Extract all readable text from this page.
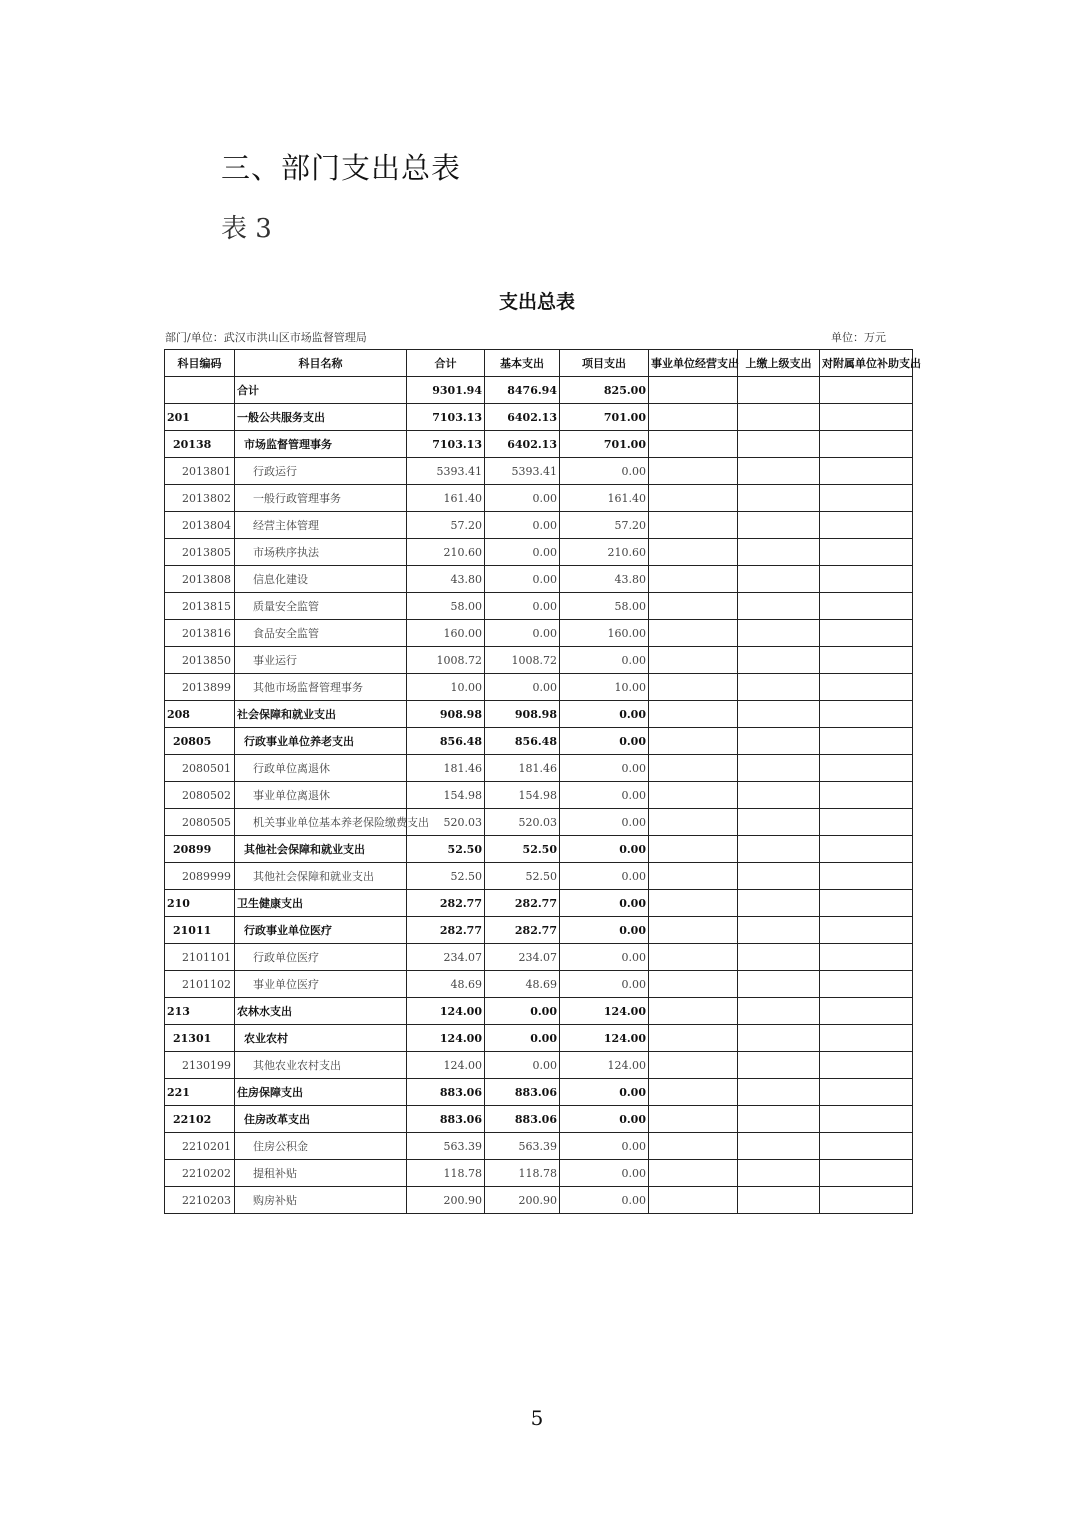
三、部门支出总表
表 3
支出总表
部门/单位：武汉市洪山区市场监督管理局	单位：万元
科目编码	科目名称	合计	基本支出	项目支出	事业单位经营支出	上缴上级支出	对附属单位补助支出
	合计	9301.94	8476.94	825.00			
201	一般公共服务支出	7103.13	6402.13	701.00			
20138	市场监督管理事务	7103.13	6402.13	701.00			
2013801	行政运行	5393.41	5393.41	0.00			
2013802	一般行政管理事务	161.40	0.00	161.40			
2013804	经营主体管理	57.20	0.00	57.20			
2013805	市场秩序执法	210.60	0.00	210.60			
2013808	信息化建设	43.80	0.00	43.80			
2013815	质量安全监管	58.00	0.00	58.00			
2013816	食品安全监管	160.00	0.00	160.00			
2013850	事业运行	1008.72	1008.72	0.00			
2013899	其他市场监督管理事务	10.00	0.00	10.00			
208	社会保障和就业支出	908.98	908.98	0.00			
20805	行政事业单位养老支出	856.48	856.48	0.00			
2080501	行政单位离退休	181.46	181.46	0.00			
2080502	事业单位离退休	154.98	154.98	0.00			
2080505	机关事业单位基本养老保险缴费支出	520.03	520.03	0.00			
20899	其他社会保障和就业支出	52.50	52.50	0.00			
2089999	其他社会保障和就业支出	52.50	52.50	0.00			
210	卫生健康支出	282.77	282.77	0.00			
21011	行政事业单位医疗	282.77	282.77	0.00			
2101101	行政单位医疗	234.07	234.07	0.00			
2101102	事业单位医疗	48.69	48.69	0.00			
213	农林水支出	124.00	0.00	124.00			
21301	农业农村	124.00	0.00	124.00			
2130199	其他农业农村支出	124.00	0.00	124.00			
221	住房保障支出	883.06	883.06	0.00			
22102	住房改革支出	883.06	883.06	0.00			
2210201	住房公积金	563.39	563.39	0.00			
2210202	提租补贴	118.78	118.78	0.00			
2210203	购房补贴	200.90	200.90	0.00			
5
